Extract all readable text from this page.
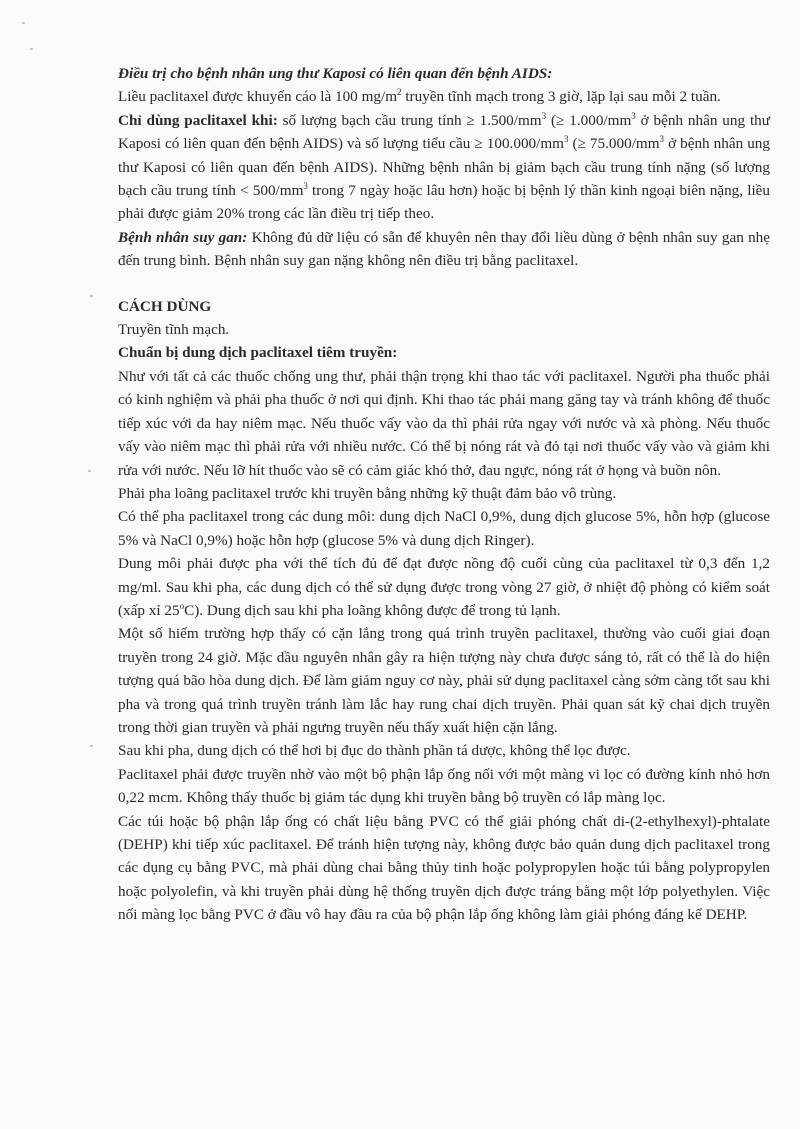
Điều trị cho bệnh nhân ung thư Kaposi có liên quan đến bệnh AIDS:

Liều paclitaxel được khuyến cáo là 100 $mg/m^2$ truyền tĩnh mạch trong 3 giờ, lặp lại sau mỗi 2 tuần.

Chỉ dùng paclitaxel khi: số lượng bạch cầu trung tính ≥ $1.500/mm^3$ (≥ $1.000/mm^3$ ở bệnh nhân ung thư Kaposi có liên quan đến bệnh AIDS) và số lượng tiểu cầu ≥ $100.000/mm^3$ (≥ $75.000/mm^3$ ở bệnh nhân ung thư Kaposi có liên quan đến bệnh AIDS). Những bệnh nhân bị giảm bạch cầu trung tính nặng (số lượng bạch cầu trung tính < $500/mm^3$ trong 7 ngày hoặc lâu hơn) hoặc bị bệnh lý thần kinh ngoại biên nặng, liều phải được giảm 20% trong các lần điều trị tiếp theo.

Bệnh nhân suy gan: Không đủ dữ liệu có sẵn để khuyên nên thay đổi liều dùng ở bệnh nhân suy gan nhẹ đến trung bình. Bệnh nhân suy gan nặng không nên điều trị bằng paclitaxel.

CÁCH DÙNG

Truyền tĩnh mạch.

Chuẩn bị dung dịch paclitaxel tiêm truyền:

Như với tất cả các thuốc chống ung thư, phải thận trọng khi thao tác với paclitaxel. Người pha thuốc phải có kinh nghiệm và phải pha thuốc ở nơi qui định. Khi thao tác phải mang găng tay và tránh không để thuốc tiếp xúc với da hay niêm mạc. Nếu thuốc vấy vào da thì phải rửa ngay với nước và xà phòng. Nếu thuốc vấy vào niêm mạc thì phải rửa với nhiều nước. Có thể bị nóng rát và đỏ tại nơi thuốc vấy vào và giảm khi rửa với nước. Nếu lỡ hít thuốc vào sẽ có cảm giác khó thở, đau ngực, nóng rát ở họng và buồn nôn.

Phải pha loãng paclitaxel trước khi truyền bằng những kỹ thuật đảm bảo vô trùng.

Có thể pha paclitaxel trong các dung môi: dung dịch NaCl 0,9%, dung dịch glucose 5%, hỗn hợp (glucose 5% và NaCl 0,9%) hoặc hỗn hợp (glucose 5% và dung dịch Ringer).

Dung môi phải được pha với thể tích đủ để đạt được nồng độ cuối cùng của paclitaxel từ 0,3 đến 1,2 mg/ml. Sau khi pha, các dung dịch có thể sử dụng được trong vòng 27 giờ, ở nhiệt độ phòng có kiểm soát (xấp xỉ 25$^o$C). Dung dịch sau khi pha loãng không được để trong tủ lạnh.

Một số hiếm trường hợp thấy có cặn lắng trong quá trình truyền paclitaxel, thường vào cuối giai đoạn truyền trong 24 giờ. Mặc dầu nguyên nhân gây ra hiện tượng này chưa được sáng tỏ, rất có thể là do hiện tượng quá bão hòa dung dịch. Để làm giảm nguy cơ này, phải sử dụng paclitaxel càng sớm càng tốt sau khi pha và trong quá trình truyền tránh làm lắc hay rung chai dịch truyền. Phải quan sát kỹ chai dịch truyền trong thời gian truyền và phải ngưng truyền nếu thấy xuất hiện cặn lắng.

Sau khi pha, dung dịch có thể hơi bị đục do thành phần tá dược, không thể lọc được.

Paclitaxel phải được truyền nhờ vào một bộ phận lắp ống nối với một màng vi lọc có đường kính nhỏ hơn 0,22 mcm. Không thấy thuốc bị giảm tác dụng khi truyền bằng bộ truyền có lắp màng lọc.

Các túi hoặc bộ phận lắp ống có chất liệu bằng PVC có thể giải phóng chất di-(2-ethylhexyl)-phtalate (DEHP) khi tiếp xúc paclitaxel. Để tránh hiện tượng này, không được bảo quản dung dịch paclitaxel trong các dụng cụ bằng PVC, mà phải dùng chai bằng thủy tinh hoặc polypropylen hoặc túi bằng polypropylen hoặc polyolefin, và khi truyền phải dùng hệ thống truyền dịch được tráng bằng một lớp polyethylen. Việc nối màng lọc bằng PVC ở đầu vô hay đầu ra của bộ phận lắp ống không làm giải phóng đáng kể DEHP.
